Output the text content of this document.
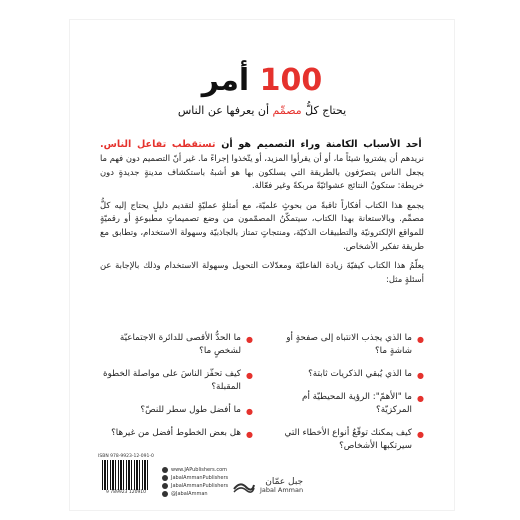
100 أمر
يحتاج كلُّ مصمِّم أن يعرفها عن الناس

أحد الأسباب الكامنة وراء التصميم هو أن تستقطب تفاعل الناس. نريدهم أن يشتروا شيئاً ما، أو أن يقرأوا المزيد، أو يتّخذوا إجراءً ما. غير أنّ التصميم دون فهم ما يجعل الناس يتصرّفون بالطريقة التي يسلكون بها هو أشبهُ باستكشاف مدينةٍ جديدةٍ دون خريطة: ستكونُ النتائج عشوائيّةً مربكةً وغير فعّالة.

يجمع هذا الكتاب أفكاراً ثاقبةً من بحوثٍ علميّة، مع أمثلةٍ عمليّةٍ لتقديم دليلٍ يحتاج إليه كلُّ مصمِّم. وبالاستعانة بهذا الكتاب، سيتمكّنُ المصمّمون من وضع تصميماتٍ مطبوعةٍ أو رقميّةٍ للمواقع الإلكترونيّة والتطبيقات الذكيّة، ومنتجاتٍ تمتاز بالجاذبيّة وسهولة الاستخدام، وتطابق مع طريقة تفكير الأشخاص.

يعلّمُ هذا الكتاب كيفيّةَ زيادة الفاعليّة ومعدّلات التحويل وسهولة الاستخدام وذلك بالإجابة عن أسئلةٍ مثل:

●
ما الذي يجذب الانتباه إلى صفحةٍ أو شاشةٍ ما؟
●
ما الذي يُبقي الذكريات ثابتة؟
●
ما "الأهمّ": الرؤية المحيطيّة أم المركزيّة؟
●
كيف يمكنك توقّعُ أنواع الأخطاء التي سيرتكبها الأشخاص؟
●
ما الحدُّ الأقصى للدائرة الاجتماعيّة لشخصٍ ما؟
●
كيف تحفّز الناسَ على مواصلة الخطوة المقبلة؟
●
ما أفضل طول سطر للنصّ؟
●
هل بعض الخطوط أفضل من غيرها؟
ISBN 978-9923-12-091-0
9 789923 120910
www.JAPublishers.com
JabalAmmanPublishers
JabalAmmanPublishers
@JabalAmman
جبل عمّان
Jabal Amman
